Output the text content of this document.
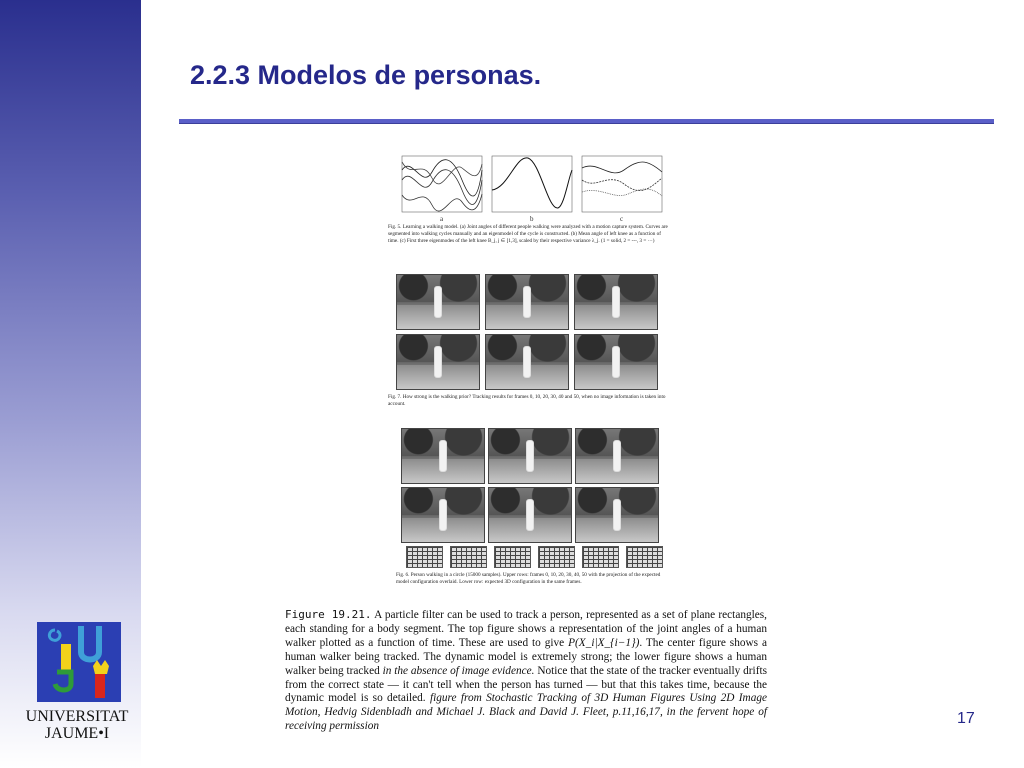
2.2.3 Modelos de personas.
a	b	c
Fig. 5. Learning a walking model. (a) Joint angles of different people walking were analyzed with a motion capture system. Curves are segmented into walking cycles manually and an eigenmodel of the cycle is constructed. (b) Mean angle of left knee as a function of time. (c) First three eigenmodes of the left knee B_j, j ∈ [1,3], scaled by their respective variance λ_j. (1 = solid, 2 = ---, 3 = ···)
Fig. 7. How strong is the walking prior? Tracking results for frames 0, 10, 20, 30, 40 and 50, when no image information is taken into account.
Fig. 6. Person walking in a circle (15000 samples). Upper rows: frames 0, 10, 20, 30, 40, 50 with the projection of the expected model configuration overlaid. Lower row: expected 3D configuration in the same frames.
Figure 19.21. A particle filter can be used to track a person, represented as a set of plane rectangles, each standing for a body segment. The top figure shows a representation of the joint angles of a human walker plotted as a function of time. These are used to give P(X_i|X_{i−1}). The center figure shows a human walker being tracked. The dynamic model is extremely strong; the lower figure shows a human walker being tracked in the absence of image evidence. Notice that the state of the tracker eventually drifts from the correct state — it can't tell when the person has turned — but that this takes time, because the dynamic model is so detailed. figure from Stochastic Tracking of 3D Human Figures Using 2D Image Motion, Hedvig Sidenbladh and Michael J. Black and David J. Fleet, p.11,16,17, in the fervent hope of receiving permission
UNIVERSITAT
JAUME•I
17
